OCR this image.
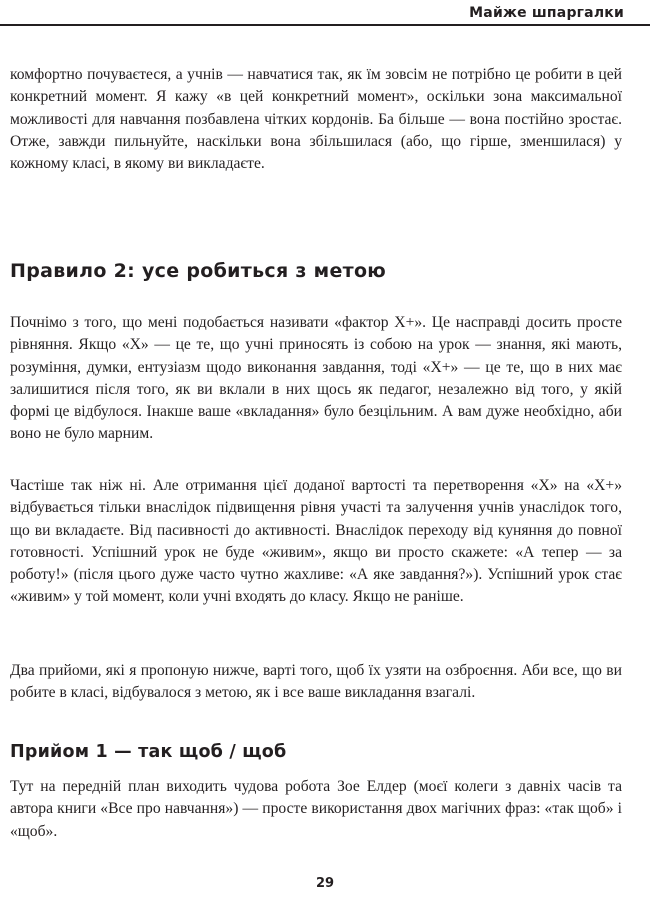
Майже шпаргалки

комфортно почуваєтеся, а учнів — навчатися так, як їм зовсім не потрібно це робити в цей конкретний момент. Я кажу «в цей конкретний момент», оскільки зона максимальної можливості для навчання позбавлена чітких кордонів. Ба більше — вона постійно зростає. Отже, завжди пильнуйте, наскільки вона збільшилася (або, що гірше, зменшилася) у кожному класі, в якому ви викладаєте.

Правило 2: усе робиться з метою

Почнімо з того, що мені подобається називати «фактор Х+». Це насправді досить просте рівняння. Якщо «Х» — це те, що учні приносять із собою на урок — знання, які мають, розуміння, думки, ентузіазм щодо виконання завдання, тоді «Х+» — це те, що в них має залишитися після того, як ви вклали в них щось як педагог, незалежно від того, у якій формі це відбулося. Інакше ваше «вкладання» було безцільним. А вам дуже необхідно, аби воно не було марним.

Частіше так ніж ні. Але отримання цієї доданої вартості та перетворення «Х» на «Х+» відбувається тільки внаслідок підвищення рівня участі та залучення учнів унаслідок того, що ви вкладаєте. Від пасивності до активності. Внаслідок переходу від куняння до повної готовності. Успішний урок не буде «живим», якщо ви просто скажете: «А тепер — за роботу!» (після цього дуже часто чутно жахливе: «А яке завдання?»). Успішний урок стає «живим» у той момент, коли учні входять до класу. Якщо не раніше.

Два прийоми, які я пропоную нижче, варті того, щоб їх узяти на озброєння. Аби все, що ви робите в класі, відбувалося з метою, як і все ваше викладання взагалі.

Прийом 1 — так щоб / щоб

Тут на передній план виходить чудова робота Зое Елдер (моєї колеги з давніх часів та автора книги «Все про навчання») — просте використання двох магічних фраз: «так щоб» і «щоб».

29
